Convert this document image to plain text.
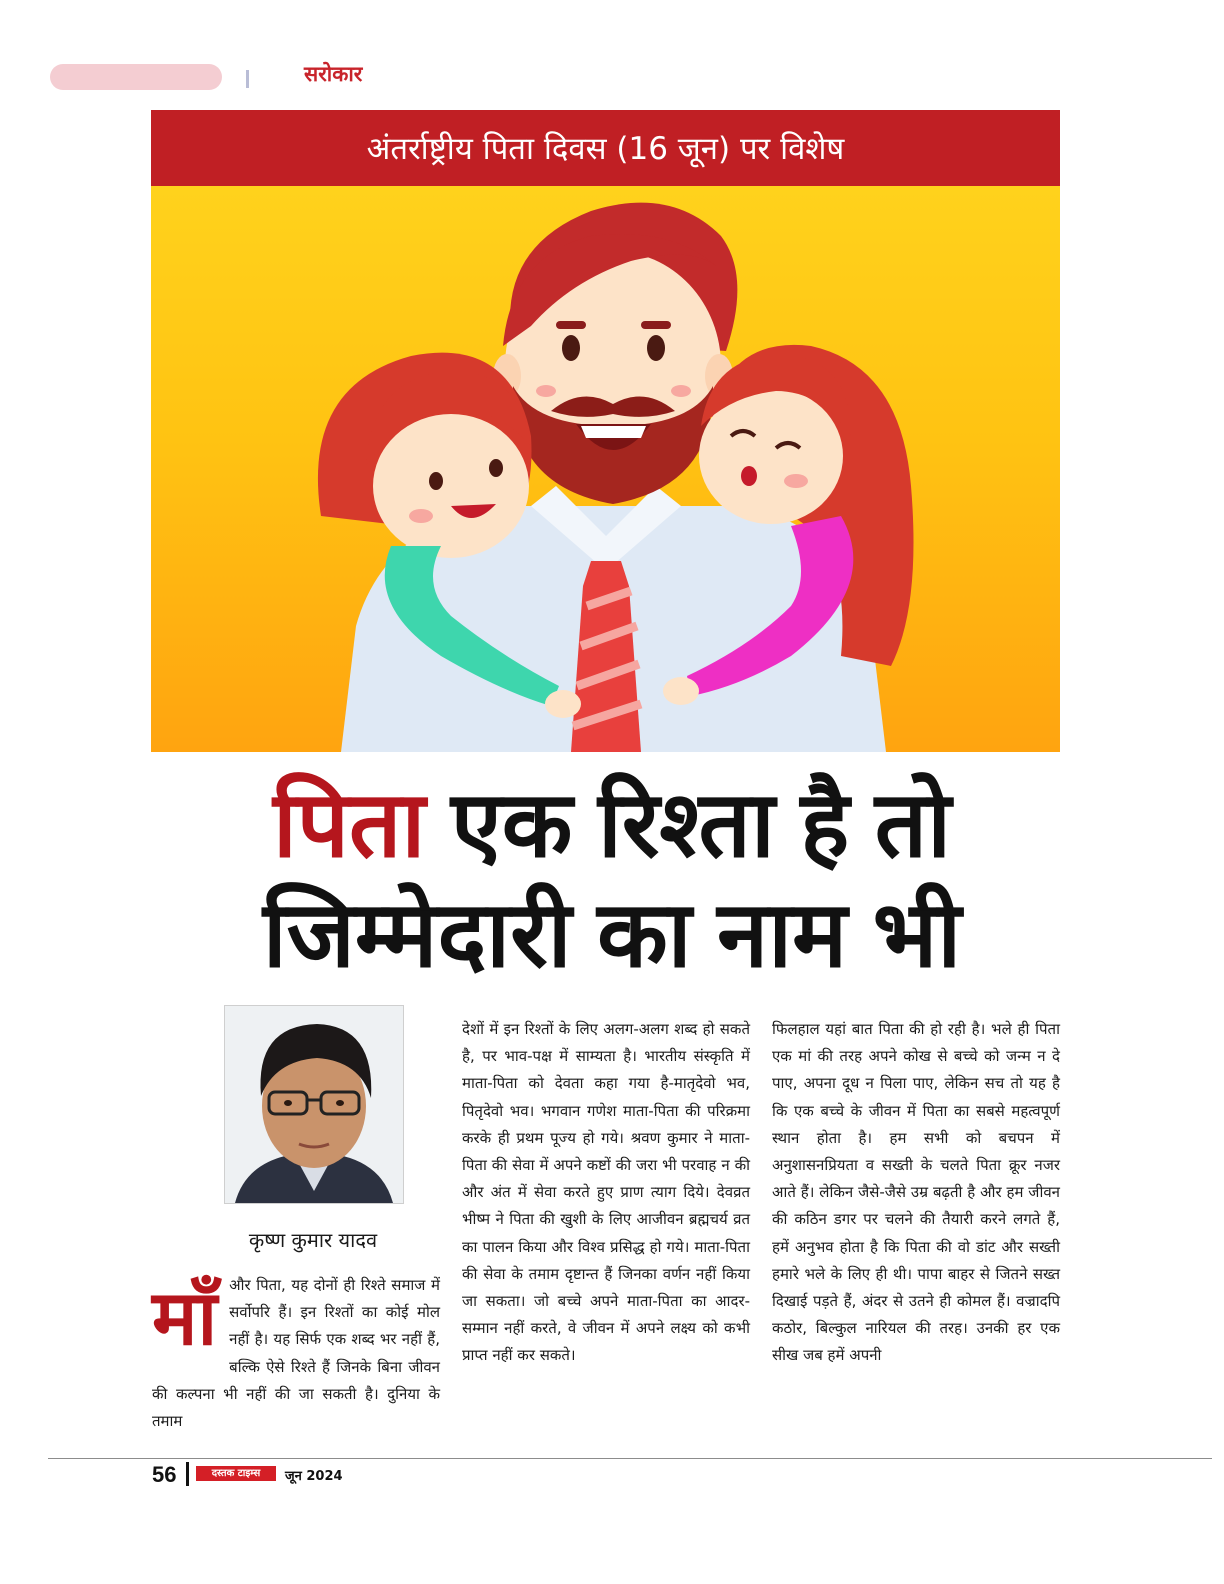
सरोकार
अंतर्राष्ट्रीय पिता दिवस (16 जून) पर विशेष
पिता एक रिश्ता है तो
जिम्मेदारी का नाम भी
कृष्ण कुमार यादव
माँऔर पिता, यह दोनों ही रिश्ते समाज में सर्वोपरि हैं। इन रिश्तों का कोई मोल नहीं है। यह सिर्फ एक शब्द भर नहीं हैं, बल्कि ऐसे रिश्ते हैं जिनके बिना जीवन की कल्पना भी नहीं की जा सकती है। दुनिया के तमाम
देशों में इन रिश्तों के लिए अलग-अलग शब्द हो सकते है, पर भाव-पक्ष में साम्यता है। भारतीय संस्कृति में माता-पिता को देवता कहा गया है-मातृदेवो भव, पितृदेवो भव। भगवान गणेश माता-पिता की परिक्रमा करके ही प्रथम पूज्य हो गये। श्रवण कुमार ने माता-पिता की सेवा में अपने कष्टों की जरा भी परवाह न की और अंत में सेवा करते हुए प्राण त्याग दिये। देवव्रत भीष्म ने पिता की खुशी के लिए आजीवन ब्रह्मचर्य व्रत का पालन किया और विश्व प्रसिद्ध हो गये। माता-पिता की सेवा के तमाम दृष्टान्त हैं जिनका वर्णन नहीं किया जा सकता। जो बच्चे अपने माता-पिता का आदर-सम्मान नहीं करते, वे जीवन में अपने लक्ष्य को कभी प्राप्त नहीं कर सकते।
फिलहाल यहां बात पिता की हो रही है। भले ही पिता एक मां की तरह अपने कोख से बच्चे को जन्म न दे पाए, अपना दूध न पिला पाए, लेकिन सच तो यह है कि एक बच्चे के जीवन में पिता का सबसे महत्वपूर्ण स्थान होता है। हम सभी को बचपन में अनुशासनप्रियता व सख्ती के चलते पिता क्रूर नजर आते हैं। लेकिन जैसे-जैसे उम्र बढ़ती है और हम जीवन की कठिन डगर पर चलने की तैयारी करने लगते हैं, हमें अनुभव होता है कि पिता की वो डांट और सख्ती हमारे भले के लिए ही थी। पापा बाहर से जितने सख्त दिखाई पड़ते हैं, अंदर से उतने ही कोमल हैं। वज्रादपि कठोर, बिल्कुल नारियल की तरह। उनकी हर एक सीख जब हमें अपनी
56	दस्तक टाइम्स	जून 2024
